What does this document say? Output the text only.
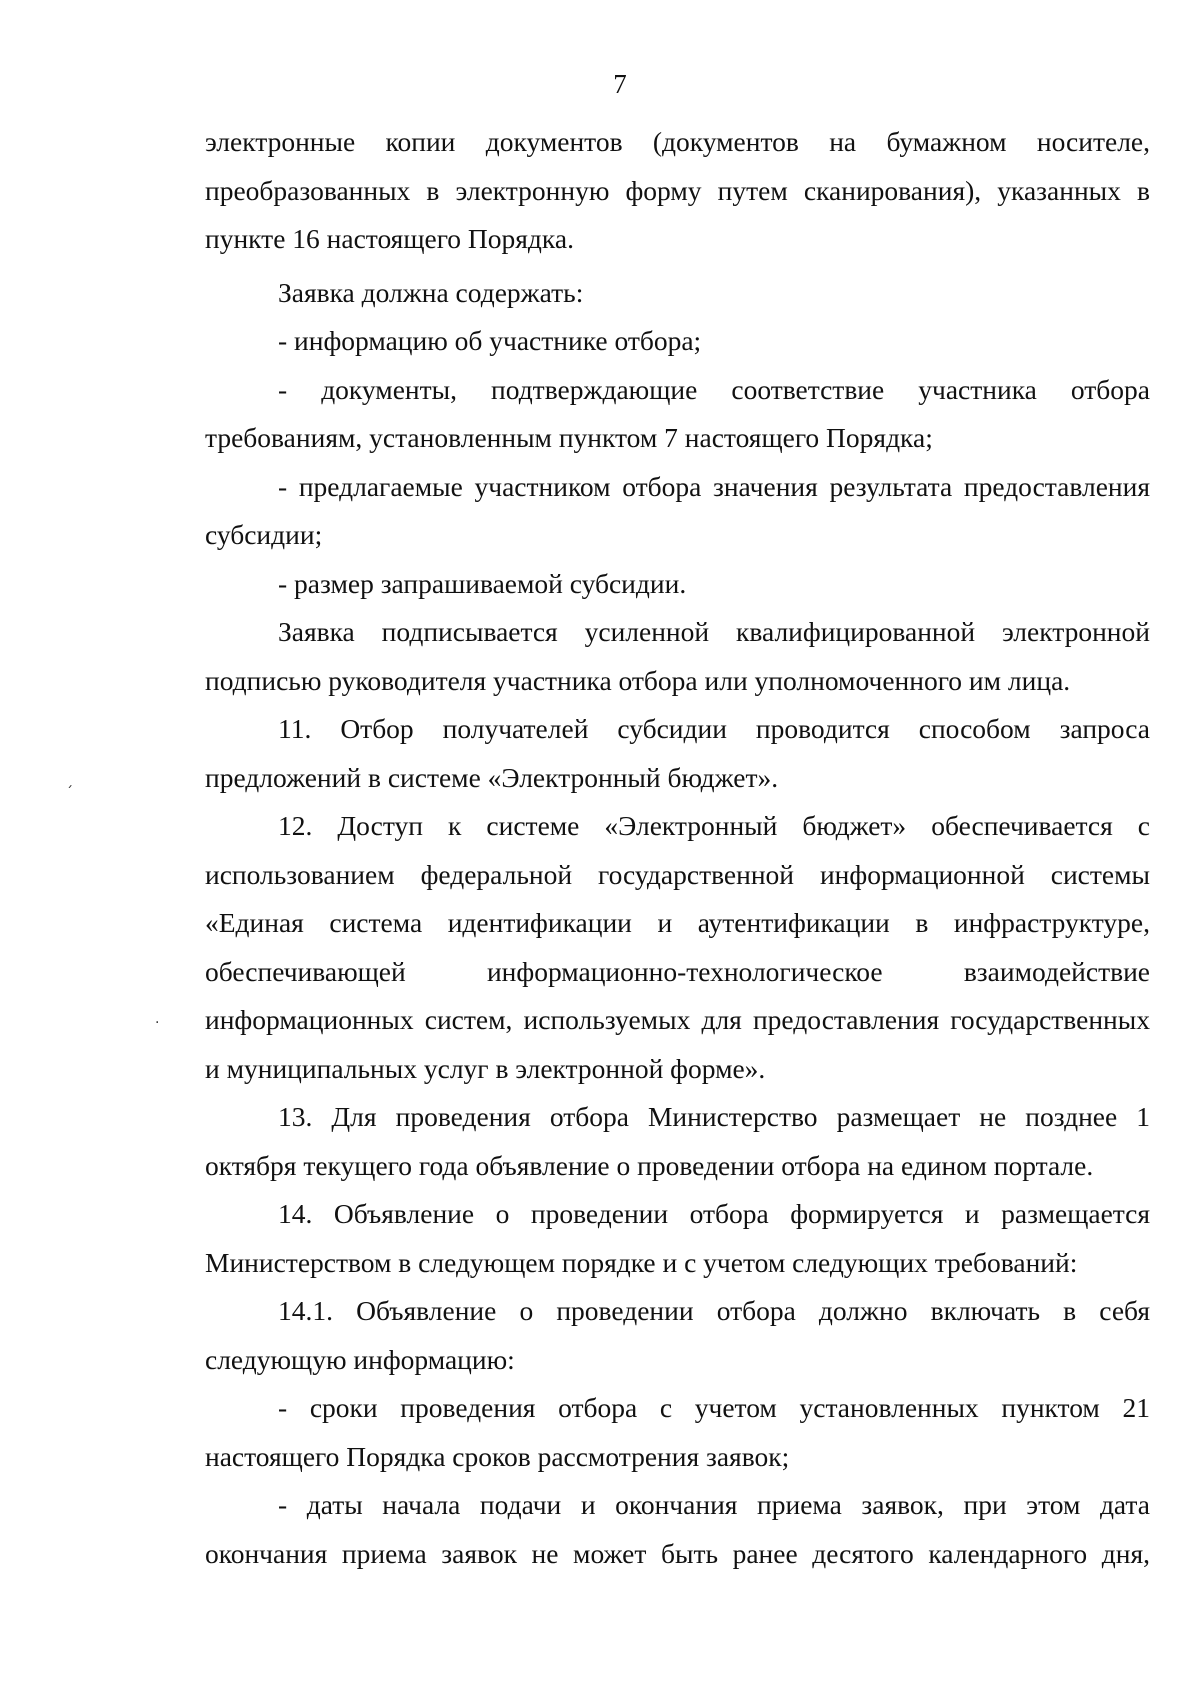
7
ˊ
·

электронные копии документов (документов на бумажном носителе, преобразованных в электронную форму путем сканирования), указанных в пункте 16 настоящего Порядка.

Заявка должна содержать:

- информацию об участнике отбора;

- документы, подтверждающие соответствие участника отбора требованиям, установленным пунктом 7 настоящего Порядка;

- предлагаемые участником отбора значения результата предоставления субсидии;

- размер запрашиваемой субсидии.

Заявка подписывается усиленной квалифицированной электронной подписью руководителя участника отбора или уполномоченного им лица.

11. Отбор получателей субсидии проводится способом запроса предложений в системе «Электронный бюджет».

12. Доступ к системе «Электронный бюджет» обеспечивается с использованием федеральной государственной информационной системы «Единая система идентификации и аутентификации в инфраструктуре, обеспечивающей информационно-технологическое взаимодействие информационных систем, используемых для предоставления государственных и муниципальных услуг в электронной форме».

13. Для проведения отбора Министерство размещает не позднее 1 октября текущего года объявление о проведении отбора на едином портале.

14. Объявление о проведении отбора формируется и размещается Министерством в следующем порядке и с учетом следующих требований:

14.1. Объявление о проведении отбора должно включать в себя следующую информацию:

- сроки проведения отбора с учетом установленных пунктом 21 настоящего Порядка сроков рассмотрения заявок;

- даты начала подачи и окончания приема заявок, при этом дата окончания приема заявок не может быть ранее десятого календарного дня,
